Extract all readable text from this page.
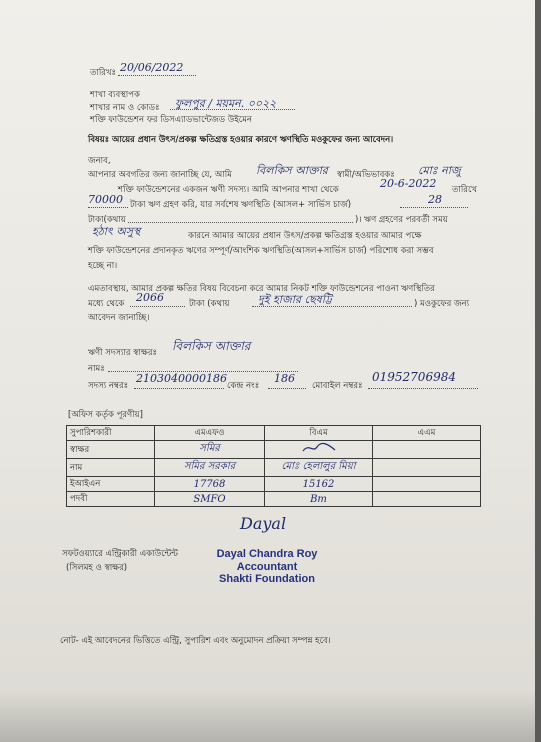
তারিখঃ 20/06/2022
শাখা ব্যবস্থাপক
শাখার নাম ও কোডঃ ফুলপুর / ময়মন. ০০২২
শক্তি ফাউন্ডেশন ফর ডিসএ্যাডভান্টেজড উইমেন
বিষয়ঃ আয়ের প্রধান উৎস/প্রকল্প ক্ষতিগ্রস্ত হওয়ার কারণে ঋণস্থিতি মওকুফের জন্য আবেদন।
জনাব,
আপনার অবগতির জন্য জানাচ্ছি যে, আমি বিলকিস আক্তার স্বামী/অভিভাবকঃ মোঃ নাজু
শক্তি ফাউন্ডেশনের একজন ঋণী সদস্য। আমি আপনার শাখা থেকে	20-6-2022 তারিখে
70000 টাকা ঋণ গ্রহণ করি, যার সর্বশেষ ঋণস্থিতি (আসল+ সার্ভিস চার্জ)	28
টাকা(কথায়	)। ঋণ গ্রহণের পরবর্তী সময়
হঠাৎ অসুস্থ	কারনে আমার আয়ের প্রধান উৎস/প্রকল্প ক্ষতিগ্রস্ত হওয়ার আমার পক্ষে
শক্তি ফাউন্ডেশনের প্রদানকৃত ঋণের সম্পূর্ণ/আংশিক ঋণস্থিতি(আসল+সার্ভিস চার্জ) পরিশোধ করা সম্ভব
হচ্ছে না।
এমতাবস্থায়, আমার প্রকল্প ক্ষতির বিষয় বিবেচনা করে আমার নিকট শক্তি ফাউন্ডেশনের পাওনা ঋণস্থিতির
মধ্যে থেকে 2066	টাকা (কথায়	দুই হাজার ছেষট্টি	) মওকুফের জন্য
আবেদন জানাচ্ছি।
ঋণী সদস্যার স্বাক্ষরঃ বিলকিস আক্তার
নামঃ
সদস্য নম্বরঃ
2103040000186
কেন্দ্র নংঃ
186
মোবাইল নম্বরঃ
01952706984
[অফিস কর্তৃক পূরণীয়]
সুপারিশকারী	এমএফও	বিএম	এএম
স্বাক্ষর	সমির		
নাম	সমির সরকার	মোঃ হেলালুর মিয়া	
ইআইএন	17768	15162	
পদবী	SMFO	Bm	
সফটওয়্যারে এন্ট্রিকারী একাউন্টেন্ট
(সিলমহ ও স্বাক্ষর)
Dayal
Dayal Chandra Roy
Accountant
Shakti Foundation
নোট- এই আবেদনের ভিত্তিতে এন্ট্রি, সুপারিশ এবং অনুমোদন প্রক্রিয়া সম্পন্ন হবে।
